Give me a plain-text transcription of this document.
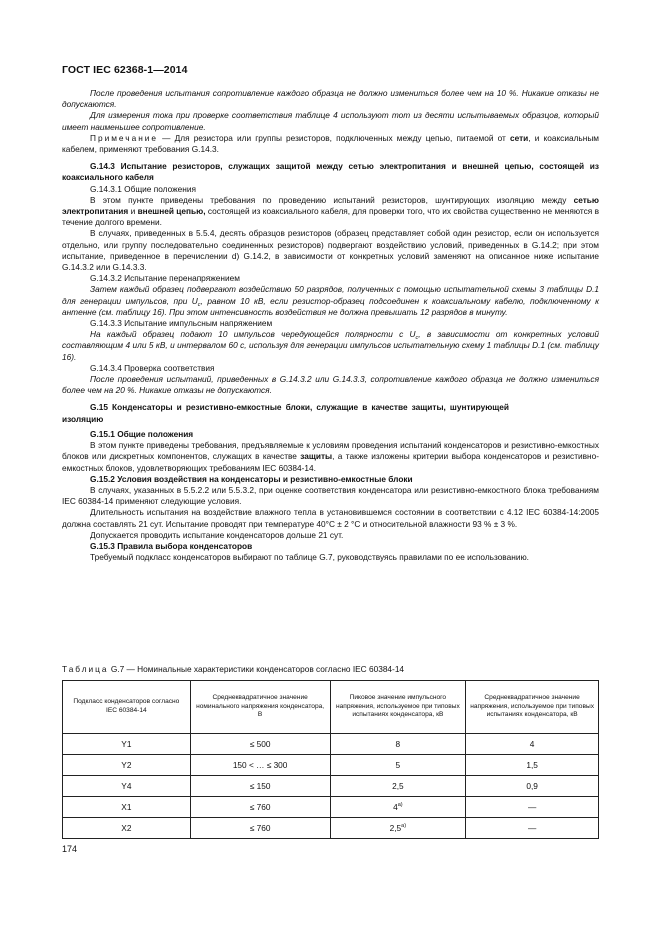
ГОСТ IEC 62368-1—2014

После проведения испытания сопротивление каждого образца не должно измениться более чем на 10 %. Никакие отказы не допускаются.

Для измерения тока при проверке соответствия таблице 4 используют тот из десяти испытываемых образцов, который имеет наименьшее сопротивление.

Примечание — Для резистора или группы резисторов, подключенных между цепью, питаемой от сети, и коаксиальным кабелем, применяют требования G.14.3.

G.14.3 Испытание резисторов, служащих защитой между сетью электропитания и внешней цепью, состоящей из коаксиального кабеля

G.14.3.1 Общие положения

В этом пункте приведены требования по проведению испытаний резисторов, шунтирующих изоляцию между сетью электропитания и внешней цепью, состоящей из коаксиального кабеля, для проверки того, что их свойства существенно не меняются в течение долгого времени.

В случаях, приведенных в 5.5.4, десять образцов резисторов (образец представляет собой один резистор, если он используется отдельно, или группу последовательно соединенных резисторов) подвергают воздействию условий, приведенных в G.14.2; при этом испытание, приведенное в перечислении d) G.14.2, в зависимости от конкретных условий заменяют на описанное ниже испытание G.14.3.2 или G.14.3.3.

G.14.3.2 Испытание перенапряжением

Затем каждый образец подвергают воздействию 50 разрядов, полученных с помощью испытательной схемы 3 таблицы D.1 для генерации импульсов, при $U_c$, равном 10 кВ, если резистор-образец подсоединен к коаксиальному кабелю, подключенному к антенне (см. таблицу 16). При этом интенсивность воздействия не должна превышать 12 разрядов в минуту.

G.14.3.3 Испытание импульсным напряжением

На каждый образец подают 10 импульсов чередующейся полярности с $U_c$, в зависимости от конкретных условий составляющим 4 или 5 кВ, и интервалом 60 с, используя для генерации импульсов испытательную схему 1 таблицы D.1 (см. таблицу 16).

G.14.3.4 Проверка соответствия

После проведения испытаний, приведенных в G.14.3.2 или G.14.3.3, сопротивление каждого образца не должно измениться более чем на 20 %. Никакие отказы не допускаются.

G.15 Конденсаторы и резистивно-емкостные блоки, служащие в качестве защиты, шунтирующей изоляцию

G.15.1 Общие положения

В этом пункте приведены требования, предъявляемые к условиям проведения испытаний конденсаторов и резистивно-емкостных блоков или дискретных компонентов, служащих в качестве защиты, а также изложены критерии выбора конденсаторов и резистивно-емкостных блоков, удовлетворяющих требованиям IEC 60384-14.

G.15.2 Условия воздействия на конденсаторы и резистивно-емкостные блоки

В случаях, указанных в 5.5.2.2 или 5.5.3.2, при оценке соответствия конденсатора или резистивно-емкостного блока требованиям IEC 60384-14 применяют следующие условия.

Длительность испытания на воздействие влажного тепла в установившемся состоянии в соответствии с 4.12 IEC 60384-14:2005 должна составлять 21 сут. Испытание проводят при температуре 40°C ± 2 °C и относительной влажности 93 % ± 3 %.

Допускается проводить испытание конденсаторов дольше 21 сут.

G.15.3 Правила выбора конденсаторов

Требуемый подкласс конденсаторов выбирают по таблице G.7, руководствуясь правилами по ее использованию.

Таблица G.7 — Номинальные характеристики конденсаторов согласно IEC 60384-14
Подкласс конденсаторов согласно IEC 60384-14	Среднеквадратичное значение номинального напряжения конденсатора, В	Пиковое значение импульсного напряжения, используемое при типовых испытаниях конденсатора, кВ	Среднеквадратичное значение напряжения, используемое при типовых испытаниях конденсатора, кВ
Y1	≤ 500	8	4
Y2	150 < … ≤ 300	5	1,5
Y4	≤ 150	2,5	0,9
X1	≤ 760	4$^{a)}$	—
X2	≤ 760	2,5$^{a)}$	—
174
